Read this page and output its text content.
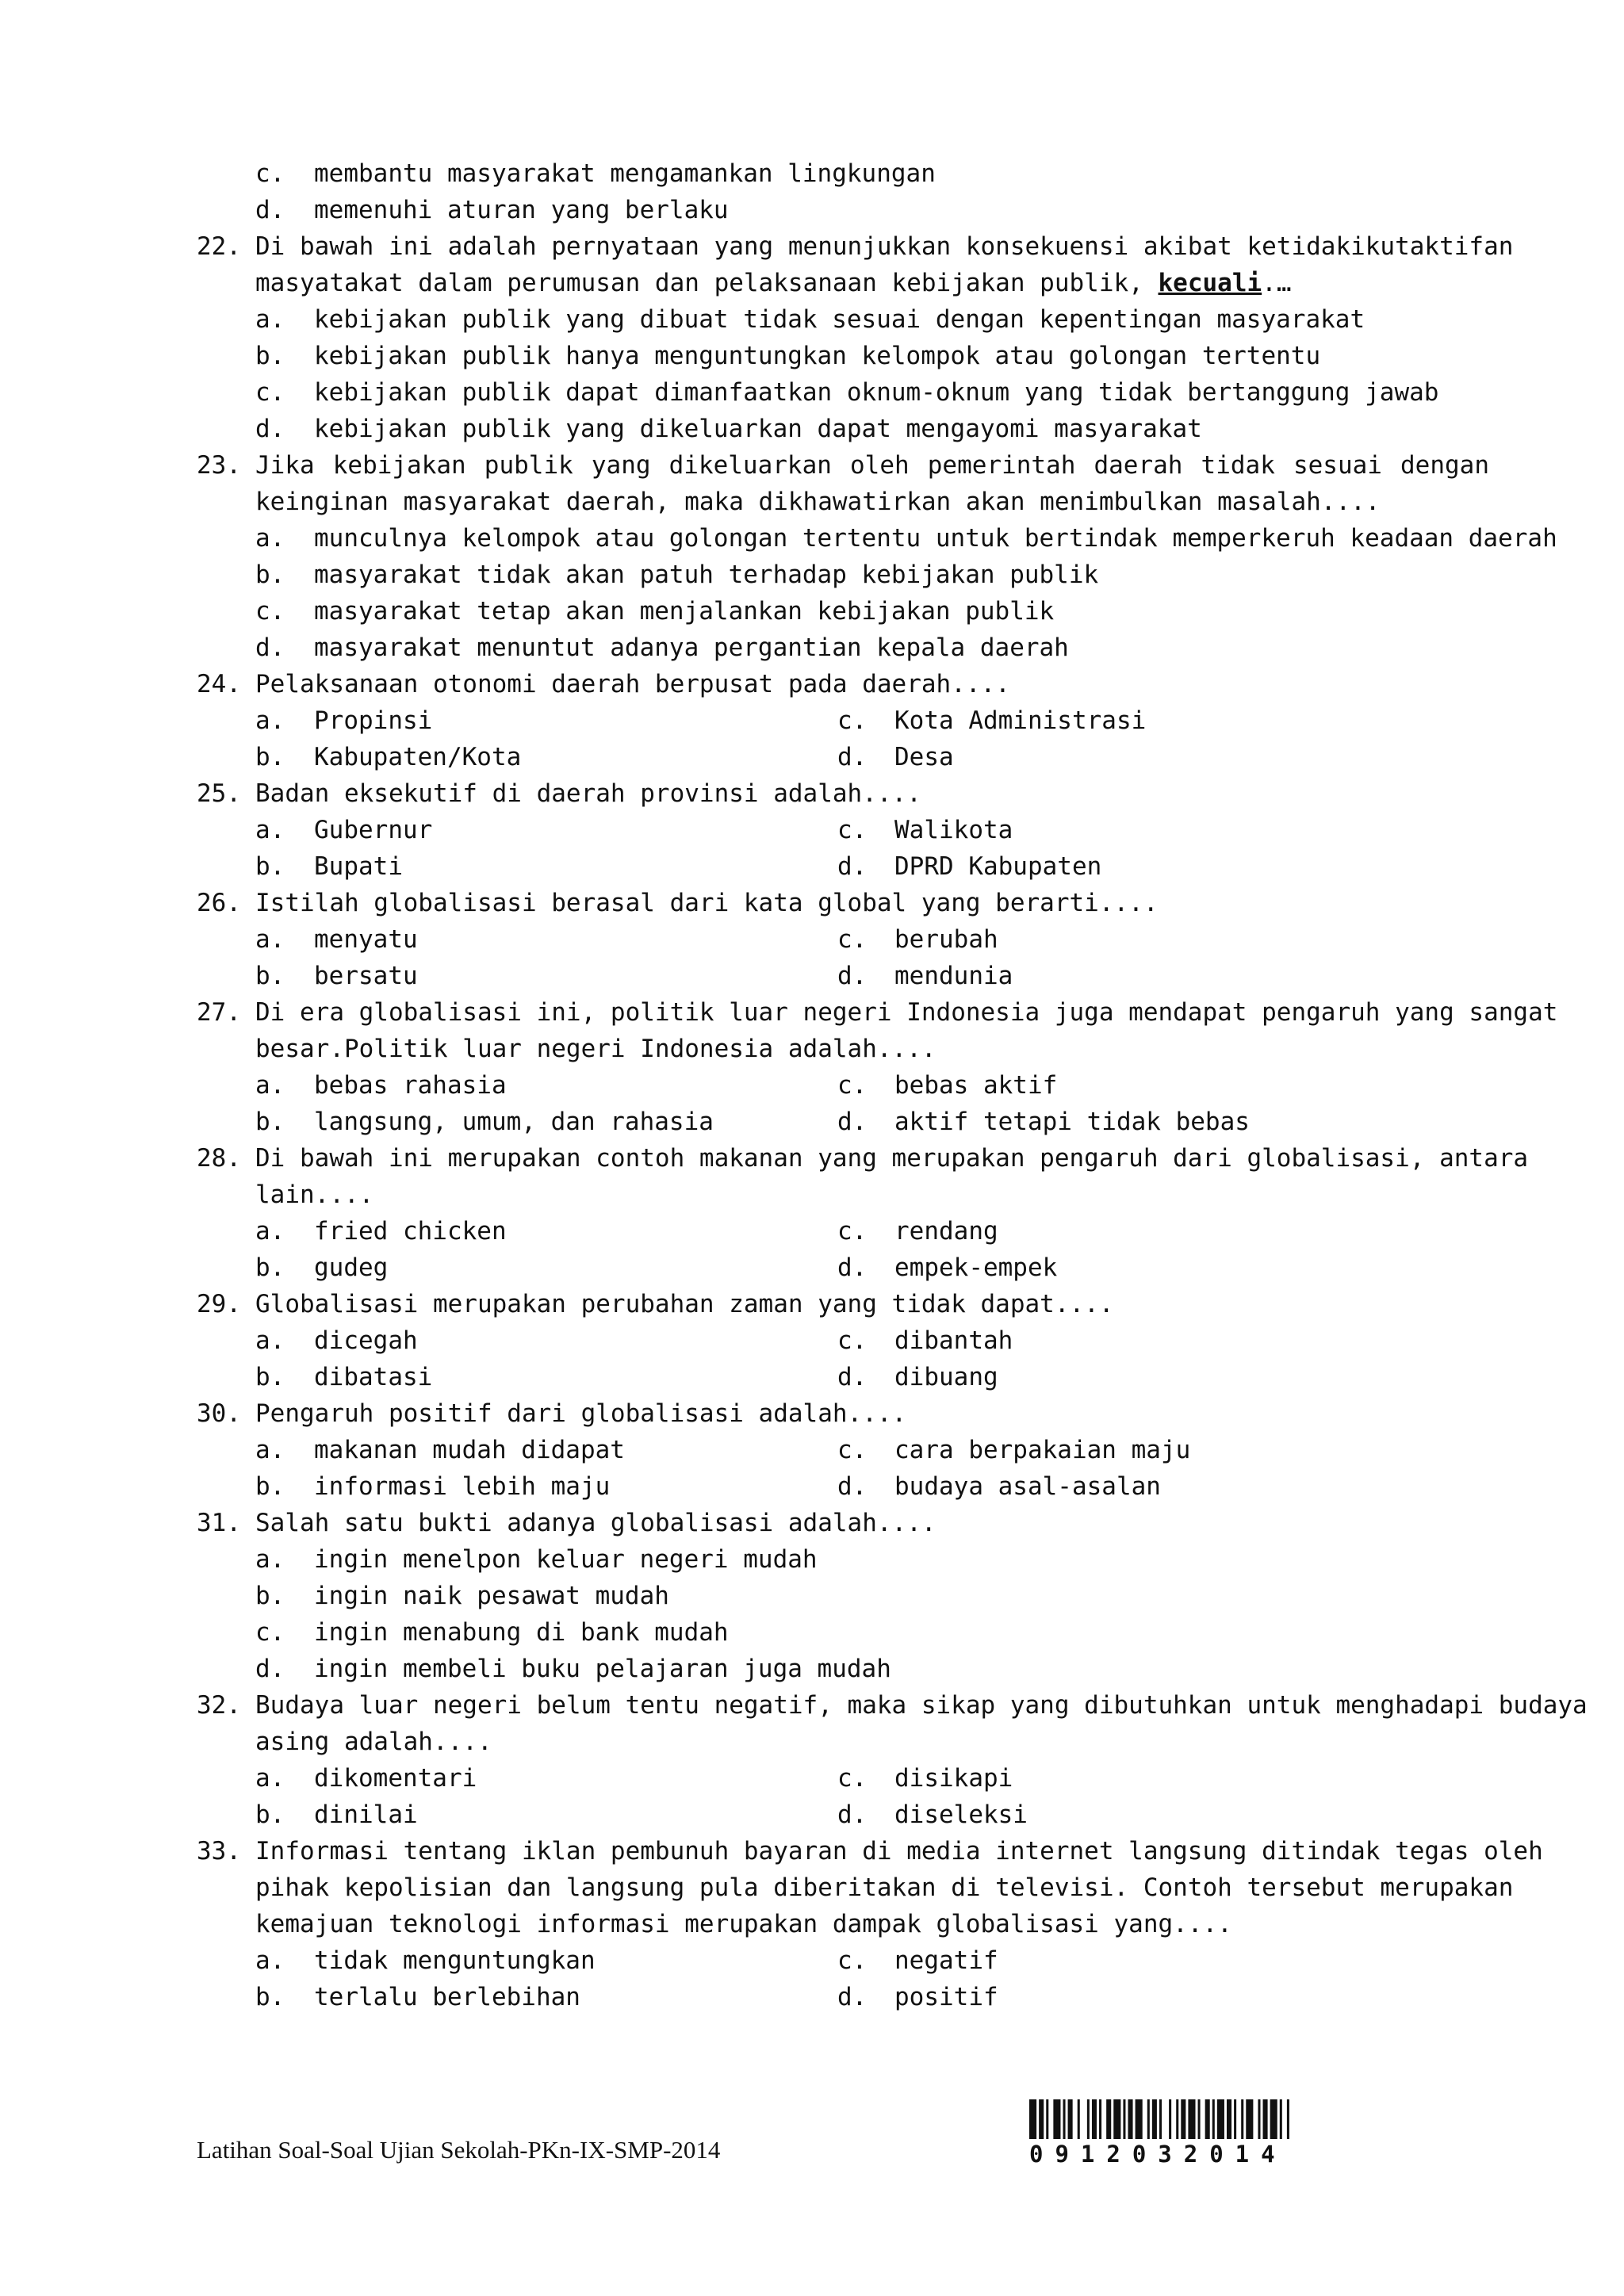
c. membantu masyarakat mengamankan lingkungan
d. memenuhi aturan yang berlaku
22. Di bawah ini adalah pernyataan yang menunjukkan konsekuensi akibat ketidakikutaktifan
masyatakat dalam perumusan dan pelaksanaan kebijakan publik, kecuali.…
a. kebijakan publik yang dibuat tidak sesuai dengan kepentingan masyarakat
b. kebijakan publik hanya menguntungkan kelompok atau golongan tertentu
c. kebijakan publik dapat dimanfaatkan oknum-oknum yang tidak bertanggung jawab
d. kebijakan publik yang dikeluarkan dapat mengayomi masyarakat
23. Jika kebijakan publik yang dikeluarkan oleh pemerintah daerah tidak sesuai dengan
keinginan masyarakat daerah, maka dikhawatirkan akan menimbulkan masalah....
a. munculnya kelompok atau golongan tertentu untuk bertindak memperkeruh keadaan daerah
b. masyarakat tidak akan patuh terhadap kebijakan publik
c. masyarakat tetap akan menjalankan kebijakan publik
d. masyarakat menuntut adanya pergantian kepala daerah
24. Pelaksanaan otonomi daerah berpusat pada daerah....
a. Propinsi	c. Kota Administrasi
b. Kabupaten/Kota	d. Desa
25. Badan eksekutif di daerah provinsi adalah....
a. Gubernur	c. Walikota
b. Bupati	d. DPRD Kabupaten
26. Istilah globalisasi berasal dari kata global yang berarti....
a. menyatu	c. berubah
b. bersatu	d. mendunia
27. Di era globalisasi ini, politik luar negeri Indonesia juga mendapat pengaruh yang sangat
besar.Politik luar negeri Indonesia adalah....
a. bebas rahasia	c. bebas aktif
b. langsung, umum, dan rahasia	d. aktif tetapi tidak bebas
28. Di bawah ini merupakan contoh makanan yang merupakan pengaruh dari globalisasi, antara
lain....
a. fried chicken	c. rendang
b. gudeg	d. empek-empek
29. Globalisasi merupakan perubahan zaman yang tidak dapat....
a. dicegah	c. dibantah
b. dibatasi	d. dibuang
30. Pengaruh positif dari globalisasi adalah....
a. makanan mudah didapat	c. cara berpakaian maju
b. informasi lebih maju	d. budaya asal-asalan
31. Salah satu bukti adanya globalisasi adalah....
a. ingin menelpon keluar negeri mudah
b. ingin naik pesawat mudah
c. ingin menabung di bank mudah
d. ingin membeli buku pelajaran juga mudah
32. Budaya luar negeri belum tentu negatif, maka sikap yang dibutuhkan untuk menghadapi budaya
asing adalah....
a. dikomentari	c. disikapi
b. dinilai	d. diseleksi
33. Informasi tentang iklan pembunuh bayaran di media internet langsung ditindak tegas oleh
pihak kepolisian dan langsung pula diberitakan di televisi. Contoh tersebut merupakan
kemajuan teknologi informasi merupakan dampak globalisasi yang....
a. tidak menguntungkan	c. negatif
b. terlalu berlebihan	d. positif
Latihan Soal-Soal Ujian Sekolah-PKn-IX-SMP-2014	0912032014
